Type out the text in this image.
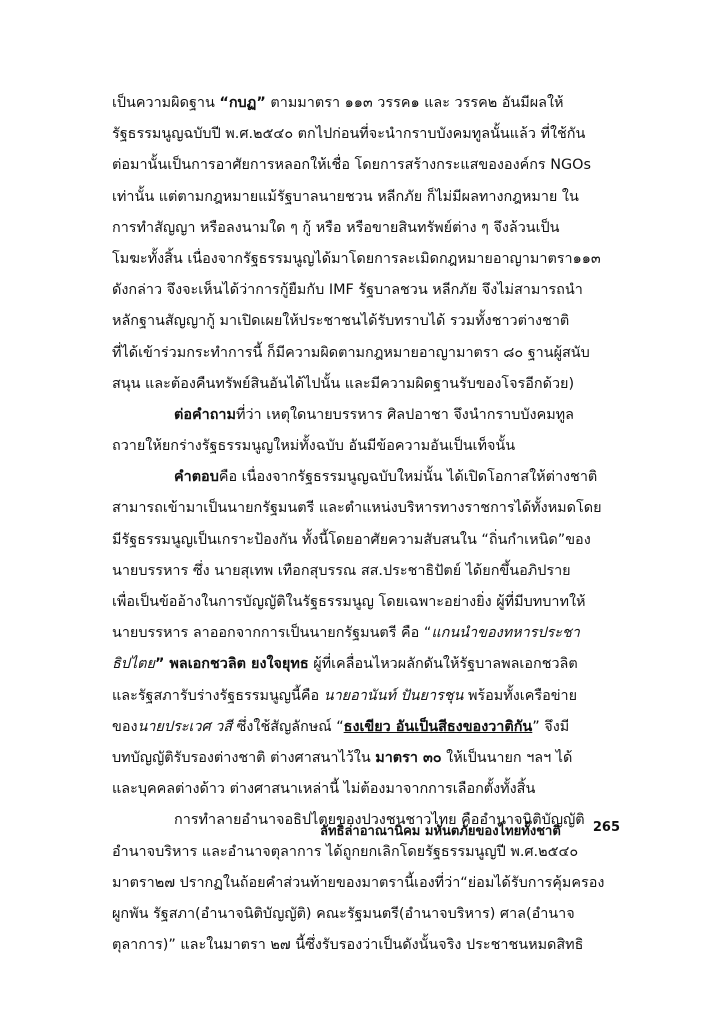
เป็นความผิดฐาน “กบฏ” ตามมาตรา ๑๑๓ วรรค๑ และ วรรค๒ อันมีผลให้
รัฐธรรมนูญฉบับปี พ.ศ.๒๕๔๐ ตกไปก่อนที่จะนำกราบบังคมทูลนั้นแล้ว ที่ใช้กัน
ต่อมานั้นเป็นการอาศัยการหลอกให้เชื่อ โดยการสร้างกระแสขององค์กร NGOs
เท่านั้น แต่ตามกฎหมายแม้รัฐบาลนายชวน หลีกภัย ก็ไม่มีผลทางกฎหมาย ใน
การทำสัญญา หรือลงนามใด ๆ กู้ หรือ หรือขายสินทรัพย์ต่าง ๆ จึงล้วนเป็น
โมฆะทั้งสิ้น เนื่องจากรัฐธรรมนูญได้มาโดยการละเมิดกฎหมายอาญามาตรา๑๑๓
ดังกล่าว จึงจะเห็นได้ว่าการกู้ยืมกับ IMF รัฐบาลชวน หลีกภัย จึงไม่สามารถนำ
หลักฐานสัญญากู้ มาเปิดเผยให้ประชาชนได้รับทราบได้ รวมทั้งชาวต่างชาติ
ที่ได้เข้าร่วมกระทำการนี้ ก็มีความผิดตามกฎหมายอาญามาตรา ๘๐ ฐานผู้สนับ
สนุน และต้องคืนทรัพย์สินอันได้ไปนั้น และมีความผิดฐานรับของโจรอีกด้วย)
ต่อคำถามที่ว่า เหตุใดนายบรรหาร ศิลปอาชา จึงนำกราบบังคมทูล
ถวายให้ยกร่างรัฐธรรมนูญใหม่ทั้งฉบับ อันมีข้อความอันเป็นเท็จนั้น
คำตอบคือ เนื่องจากรัฐธรรมนูญฉบับใหม่นั้น ได้เปิดโอกาสให้ต่างชาติ
สามารถเข้ามาเป็นนายกรัฐมนตรี และตำแหน่งบริหารทางราชการได้ทั้งหมดโดย
มีรัฐธรรมนูญเป็นเกราะป้องกัน ทั้งนี้โดยอาศัยความสับสนใน “ถิ่นกำเหนิด”ของ
นายบรรหาร ซึ่ง นายสุเทพ เทือกสุบรรณ สส.ประชาธิปัตย์ ได้ยกขึ้นอภิปราย
เพื่อเป็นข้ออ้างในการบัญญัติในรัฐธรรมนูญ โดยเฉพาะอย่างยิ่ง ผู้ที่มีบทบาทให้
นายบรรหาร ลาออกจากการเป็นนายกรัฐมนตรี คือ “แกนนำของทหารประชา
ธิปไตย” พลเอกชวลิต ยงใจยุทธ ผู้ที่เคลื่อนไหวผลักดันให้รัฐบาลพลเอกชวลิต
และรัฐสภารับร่างรัฐธรรมนูญนี้คือ นายอานันท์ ปันยารชุน พร้อมทั้งเครือข่าย
ของนายประเวศ วสี ซึ่งใช้สัญลักษณ์ “ธงเขียว อันเป็นสีธงของวาติกัน” จึงมี
บทบัญญัติรับรองต่างชาติ ต่างศาสนาไว้ใน มาตรา ๓๐ ให้เป็นนายก ฯลฯ ได้
และบุคคลต่างด้าว ต่างศาสนาเหล่านี้ ไม่ต้องมาจากการเลือกตั้งทั้งสิ้น
การทำลายอำนาจอธิปไตยของปวงชนชาวไทย คืออำนาจนิติบัญญัติ
อำนาจบริหาร และอำนาจตุลาการ ได้ถูกยกเลิกโดยรัฐธรรมนูญปี พ.ศ.๒๕๔๐
มาตรา๒๗ ปรากฏในถ้อยคำส่วนท้ายของมาตรานี้เองที่ว่า“ย่อมได้รับการคุ้มครอง
ผูกพัน รัฐสภา(อำนาจนิติบัญญัติ) คณะรัฐมนตรี(อำนาจบริหาร) ศาล(อำนาจ
ตุลาการ)” และในมาตรา ๒๗ นี้ซึ่งรับรองว่าเป็นดังนั้นจริง ประชาชนหมดสิทธิ
ลัทธิล่าอาณานิคม มหันตภัยของไทยทั้งชาติ 265
